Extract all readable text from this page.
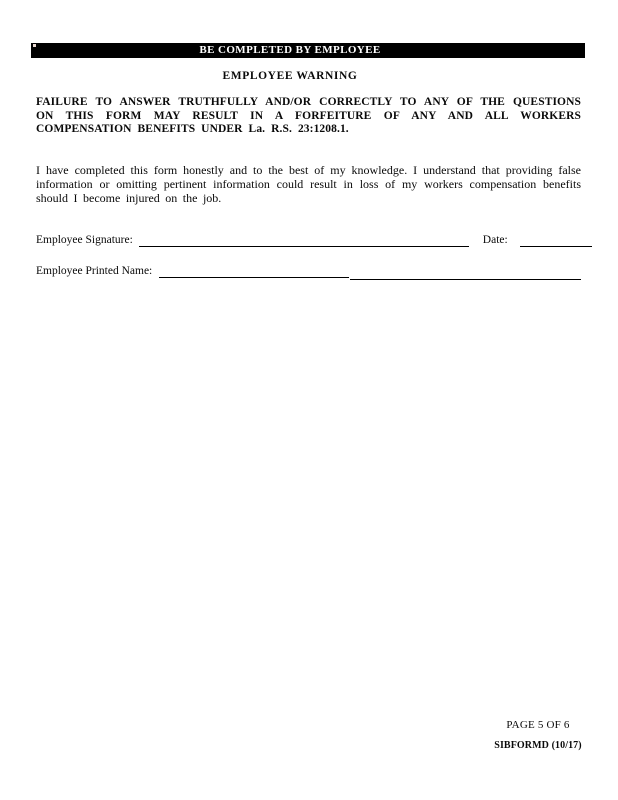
BE COMPLETED BY EMPLOYEE
EMPLOYEE WARNING
FAILURE TO ANSWER TRUTHFULLY AND/OR CORRECTLY TO ANY OF THE QUESTIONS ON THIS FORM MAY RESULT IN A FORFEITURE OF ANY AND ALL WORKERS COMPENSATION BENEFITS UNDER La. R.S. 23:1208.1.
I have completed this form honestly and to the best of my knowledge. I understand that providing false information or omitting pertinent information could result in loss of my workers compensation benefits should I become injured on the job.
Employee Signature:	Date:
Employee Printed Name:
PAGE 5 OF 6
SIBFORMD (10/17)
